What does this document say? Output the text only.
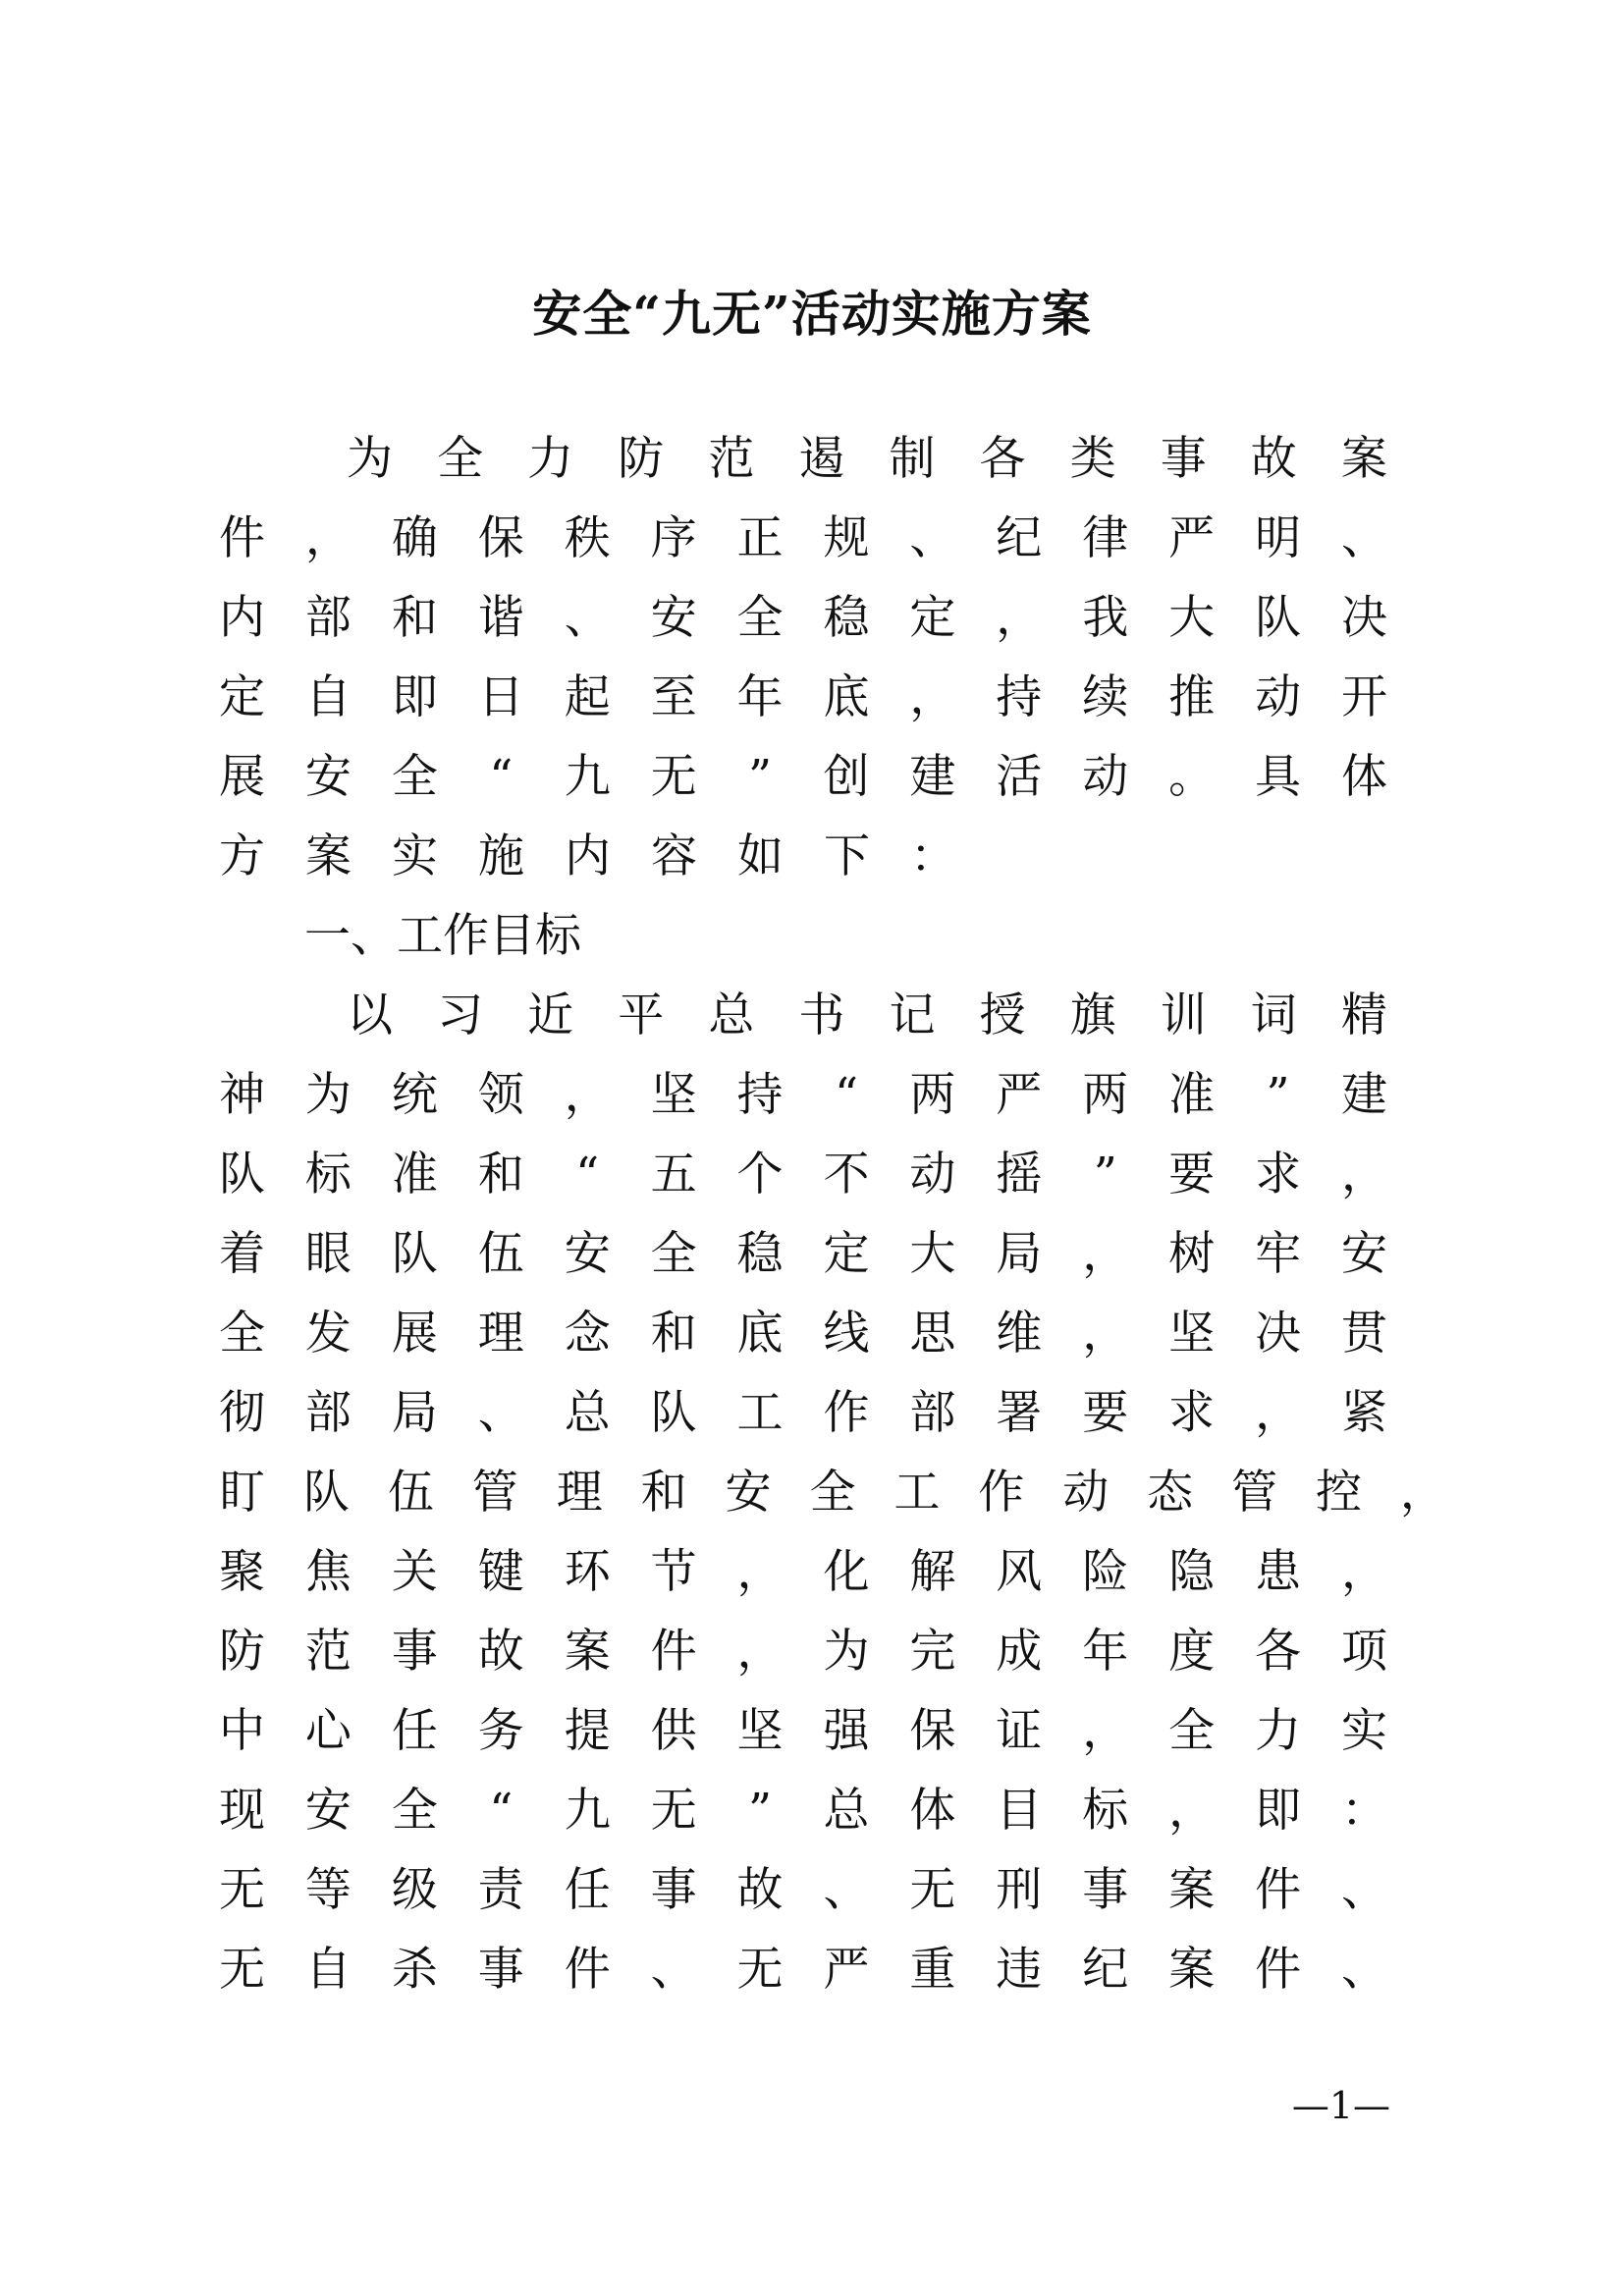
安全“九无”活动实施方案
为 全 力 防 范 遏 制 各 类 事 故 案
件 ， 确 保 秩 序 正 规 、 纪 律 严 明 、
内 部 和 谐 、 安 全 稳 定 ， 我 大 队 决
定 自 即 日 起 至 年 底 ， 持 续 推 动 开
展 安 全 “ 九 无 ” 创 建 活 动 。 具 体
方 案 实 施 内 容 如 下 ：
一、工作目标
以 习 近 平 总 书 记 授 旗 训 词 精
神 为 统 领 ， 坚 持 “ 两 严 两 准 ” 建
队 标 准 和 “ 五 个 不 动 摇 ” 要 求 ，
着 眼 队 伍 安 全 稳 定 大 局 ， 树 牢 安
全 发 展 理 念 和 底 线 思 维 ， 坚 决 贯
彻 部 局 、 总 队 工 作 部 署 要 求 ， 紧
盯 队 伍 管 理 和 安 全 工 作 动 态 管 控 ，
聚 焦 关 键 环 节 ， 化 解 风 险 隐 患 ，
防 范 事 故 案 件 ， 为 完 成 年 度 各 项
中 心 任 务 提 供 坚 强 保 证 ， 全 力 实
现 安 全 “ 九 无 ” 总 体 目 标 ， 即 ：
无 等 级 责 任 事 故 、 无 刑 事 案 件 、
无 自 杀 事 件 、 无 严 重 违 纪 案 件 、
—1—
